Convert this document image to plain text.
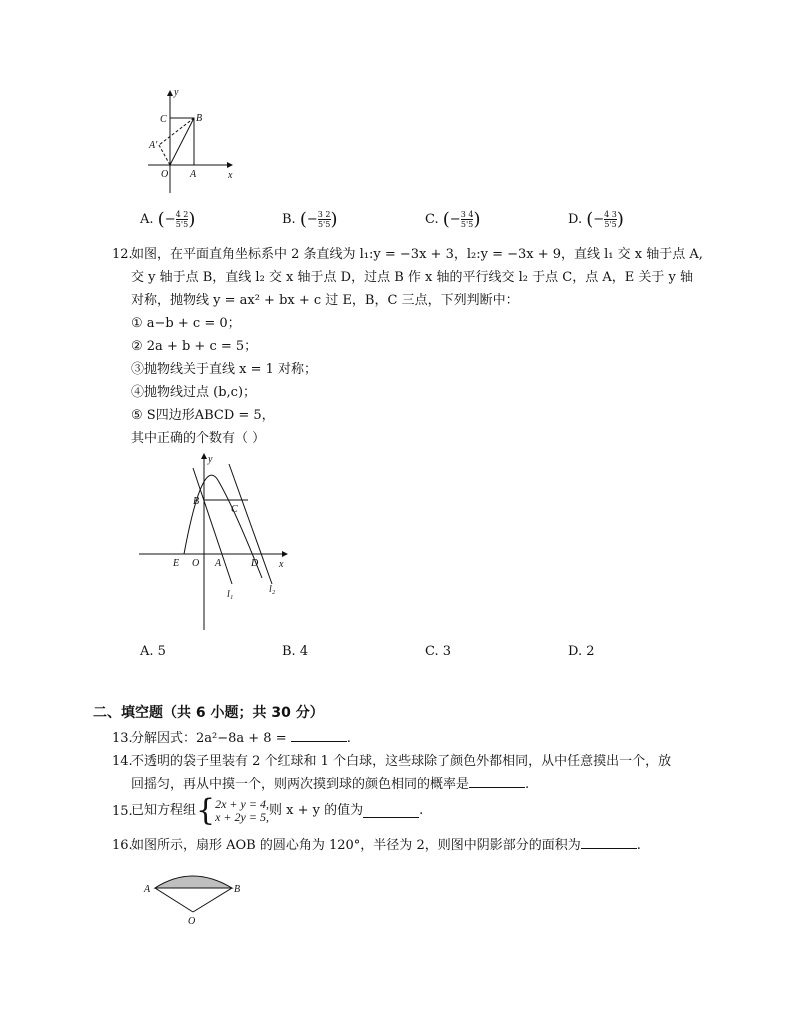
y
x
B
C
A'
O A
A. (− $\frac{4 2}{5'5}$ )	B. (− $\frac{3 2}{5'5}$ )	C. (− $\frac{3 4}{5'5}$ )	D. (− $\frac{4 3}{5'5}$ )
12.
如图，在平面直角坐标系中 2 条直线为 l₁:y = −3x + 3，l₂:y = −3x + 9，直线 l₁ 交 x 轴于点 A,
交 y 轴于点 B，直线 l₂ 交 x 轴于点 D，过点 B 作 x 轴的平行线交 l₂ 于点 C，点 A，E 关于 y 轴
对称，抛物线 y = ax² + bx + c 过 E，B，C 三点，下列判断中：
① a−b + c = 0；
② 2a + b + c = 5；
③抛物线关于直线 x = 1 对称；
④抛物线过点 (b,c)；
⑤ S四边形ABCD = 5，
其中正确的个数有（ ）
y
x
B
C
E O A	D
l₁	l₂
A. 5	B. 4	C. 3	D. 2
二、填空题（共 6 小题；共 30 分）
13.
分解因式：2a²−8a + 8 =	.
14.
不透明的袋子里装有 2 个红球和 1 个白球，这些球除了颜色外都相同，从中任意摸出一个，放
回摇匀，再从中摸一个，则两次摸到球的颜色相同的概率是	.
15.
已知方程组{ 2x + y = 4,
x + 2y = 5, 则 x + y 的值为	.
16.
如图所示，扇形 AOB 的圆心角为 120°，半径为 2，则图中阴影部分的面积为	.
A	B
O
